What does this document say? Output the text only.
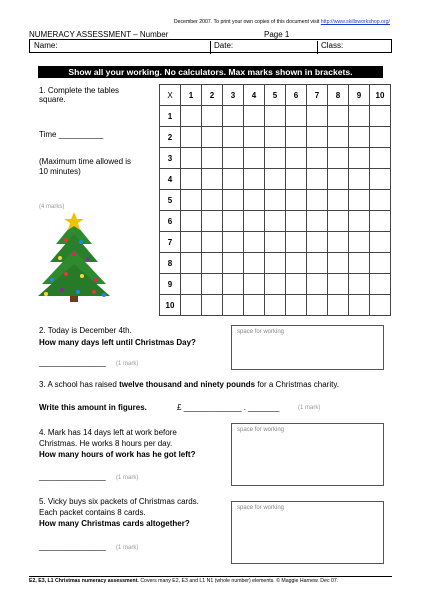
December 2007. To print your own copies of this document visit http://www.skillsworkshop.org/
NUMERACY ASSESSMENT – Number	Page 1
Name:	Date:	Class:
Show all your working. No calculators. Max marks shown in brackets.
1. Complete the tables
square.
Time __________
(Maximum time allowed is
10 minutes)
(4 marks)
X	1	2	3	4	5	6	7	8	9	10
1										
2										
3										
4										
5										
6										
7										
8										
9										
10										
2. Today is December 4th.
How many days left until Christmas Day?
_______________ (1 mark)
space for working
3. A school has raised twelve thousand and ninety pounds for a Christmas charity.
Write this amount in figures.	£ _____________ . _______	(1 mark)
4. Mark has 14 days left at work before
Christmas. He works 8 hours per day.
How many hours of work has he got left?
_______________ (1 mark)
space for working
5. Vicky buys six packets of Christmas cards.
Each packet contains 8 cards.
How many Christmas cards altogether?
_______________ (1 mark)
space for working
E2, E3, L1 Christmas numeracy assessment. Covers many E2, E3 and L1 N1 (whole number) elements. © Maggie Harnew. Dec 07.
